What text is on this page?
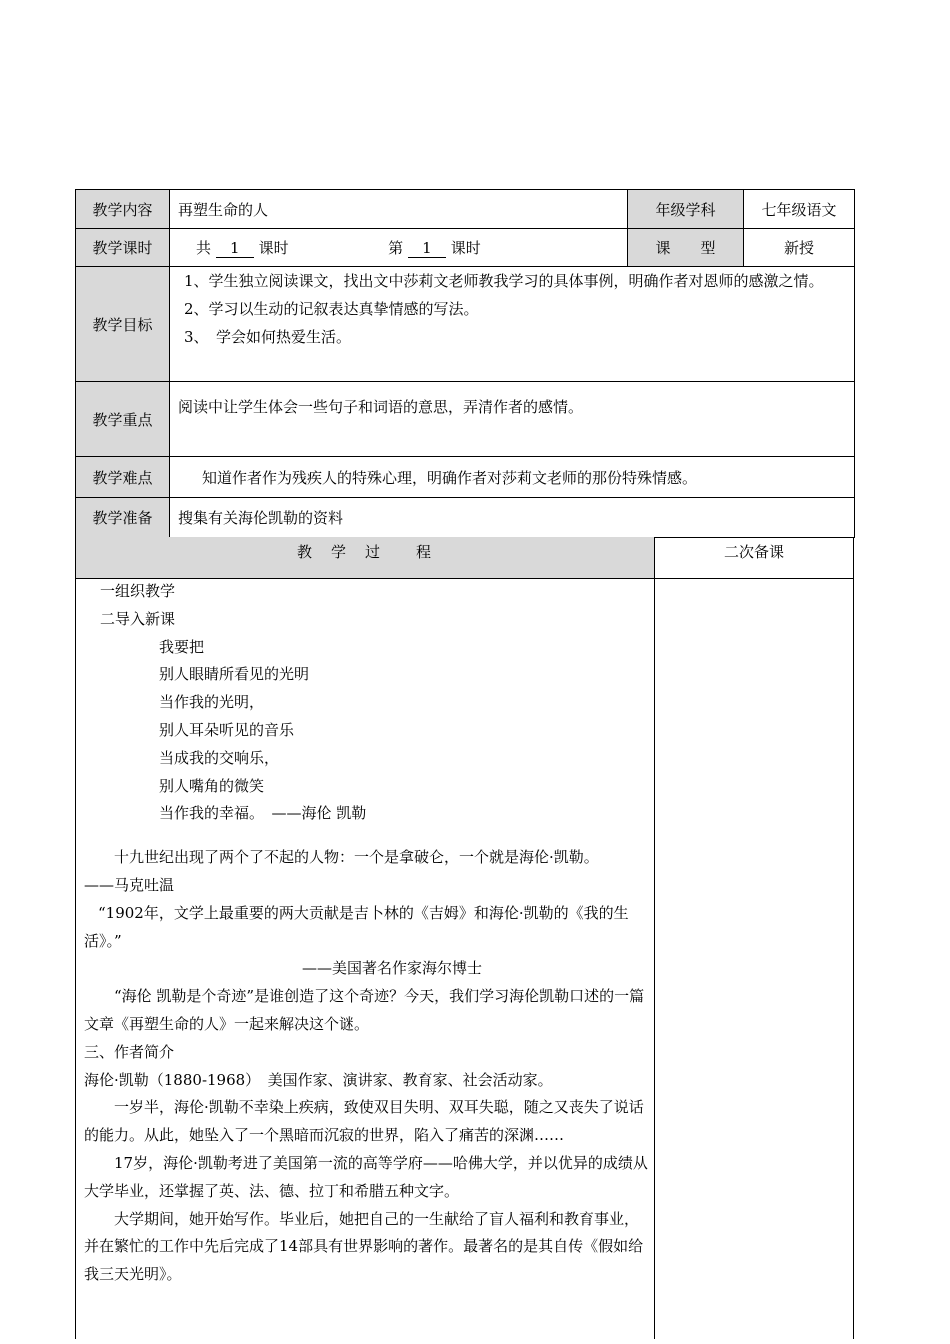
教学内容	再塑生命的人	年级学科	七年级语文
教学课时	共 1 课时 第 1 课时	课　　型	新授
教学目标	1、学生独立阅读课文，找出文中莎莉文老师教我学习的具体事例，明确作者对恩师的感激之情。
2、学习以生动的记叙表达真挚情感的写法。
3、　学会如何热爱生活。		

教学重点	阅读中让学生体会一些句子和词语的意思，弄清作者的感情。		
教学难点	知道作者作为残疾人的特殊心理，明确作者对莎莉文老师的那份特殊情感。		
教学准备	搜集有关海伦凯勒的资料		
教　学　过　　程	二次备课

一组织教学

二导入新课

我要把

别人眼睛所看见的光明

当作我的光明，

别人耳朵听见的音乐

当成我的交响乐，

别人嘴角的微笑

当作我的幸福。　——海伦 凯勒

十九世纪出现了两个了不起的人物：一个是拿破仑，一个就是海伦·凯勒。　　　——马克吐温

“1902年，文学上最重要的两大贡献是吉卜林的《吉姆》和海伦·凯勒的《我的生活》。”

——美国著名作家海尔博士

“海伦 凯勒是个奇迹”是谁创造了这个奇迹？今天，我们学习海伦凯勒口述的一篇文章《再塑生命的人》一起来解决这个谜。

三、作者简介

海伦·凯勒（1880-1968）　美国作家、演讲家、教育家、社会活动家。

一岁半，海伦·凯勒不幸染上疾病，致使双目失明、双耳失聪，随之又丧失了说话的能力。从此，她坠入了一个黑暗而沉寂的世界，陷入了痛苦的深渊……

17岁，海伦·凯勒考进了美国第一流的高等学府——哈佛大学，并以优异的成绩从大学毕业，还掌握了英、法、德、拉丁和希腊五种文字。

大学期间，她开始写作。毕业后，她把自己的一生献给了盲人福利和教育事业，并在繁忙的工作中先后完成了14部具有世界影响的著作。最著名的是其自传《假如给我三天光明》。
